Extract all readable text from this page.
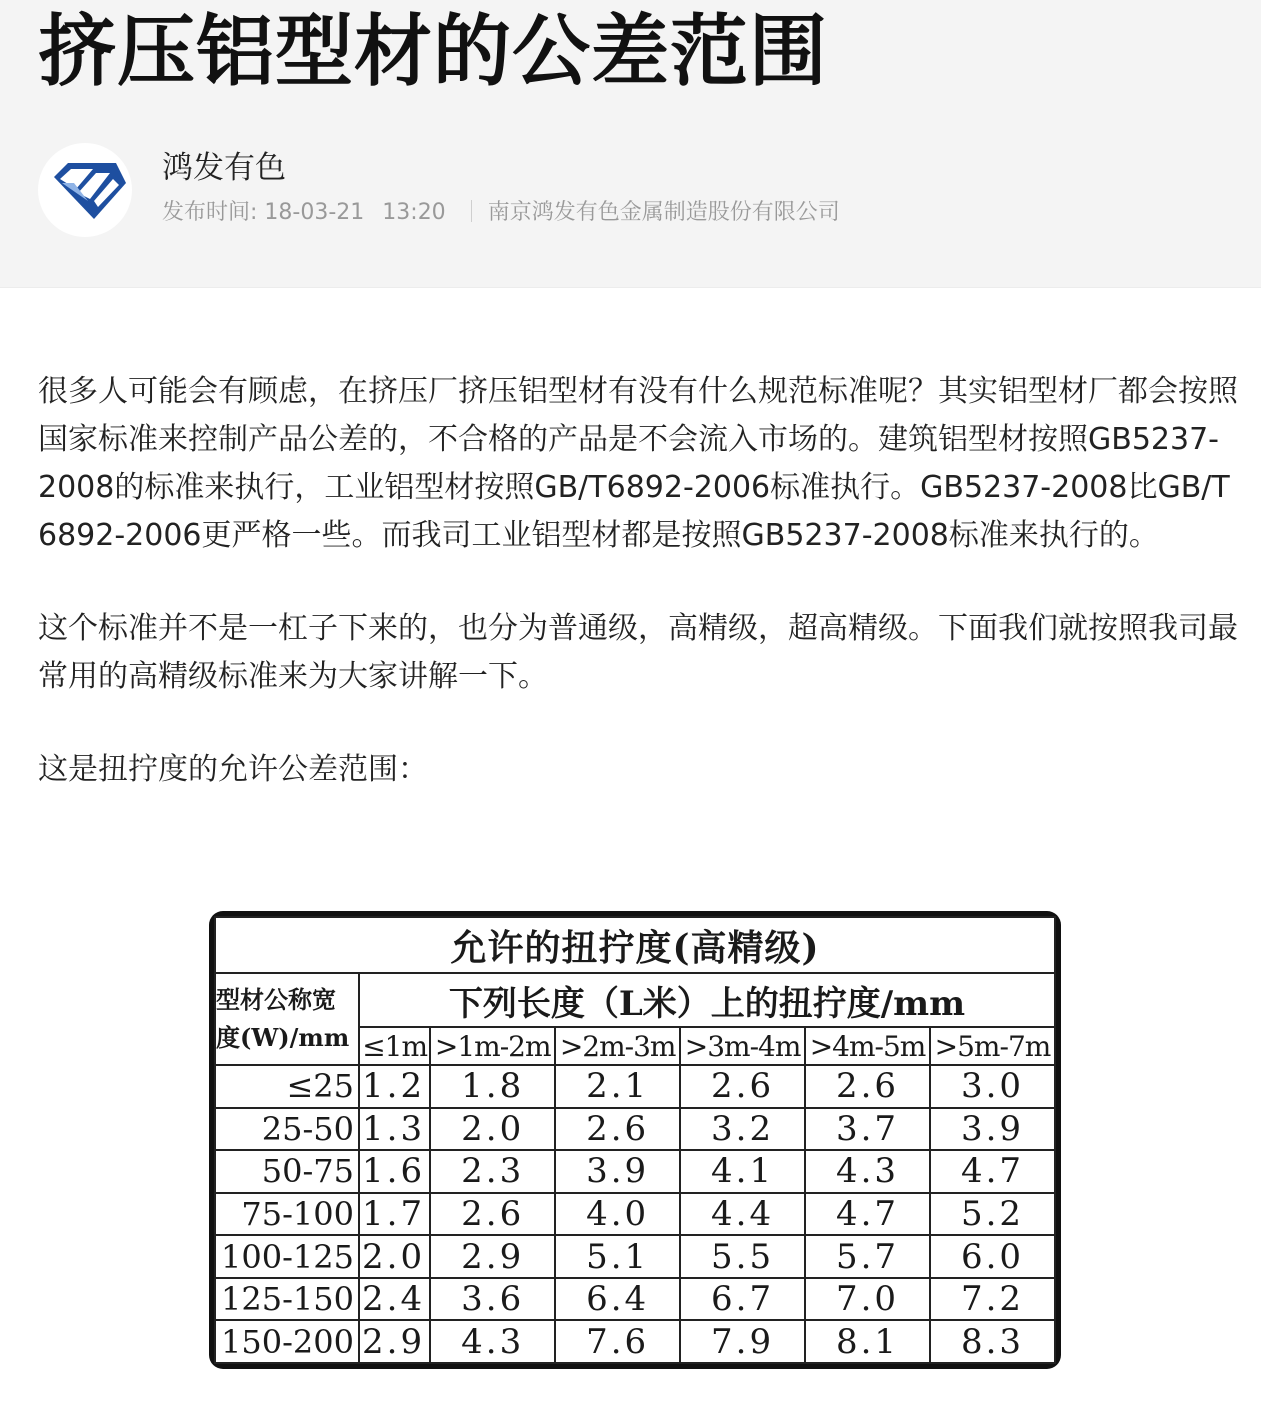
挤压铝型材的公差范围
鸿发有色
发布时间: 18-03-21 13:20 南京鸿发有色金属制造股份有限公司

很多人可能会有顾虑，在挤压厂挤压铝型材有没有什么规范标准呢？其实铝型材厂都会按照国家标准来控制产品公差的，不合格的产品是不会流入市场的。建筑铝型材按照GB5237-2008的标准来执行，工业铝型材按照GB/T6892-2006标准执行。GB5237-2008比GB/T6892-2006更严格一些。而我司工业铝型材都是按照GB5237-2008标准来执行的。

这个标准并不是一杠子下来的，也分为普通级，高精级，超高精级。下面我们就按照我司最常用的高精级标准来为大家讲解一下。

这是扭拧度的允许公差范围：

允许的扭拧度(高精级)						
型材公称宽度(W)/mm	下列长度（L米）上的扭拧度/mm					
	≤1m	>1m-2m	>2m-3m	>3m-4m	>4m-5m	>5m-7m
≤25	1.2	1.8	2.1	2.6	2.6	3.0
25-50	1.3	2.0	2.6	3.2	3.7	3.9
50-75	1.6	2.3	3.9	4.1	4.3	4.7
75-100	1.7	2.6	4.0	4.4	4.7	5.2
100-125	2.0	2.9	5.1	5.5	5.7	6.0
125-150	2.4	3.6	6.4	6.7	7.0	7.2
150-200	2.9	4.3	7.6	7.9	8.1	8.3
